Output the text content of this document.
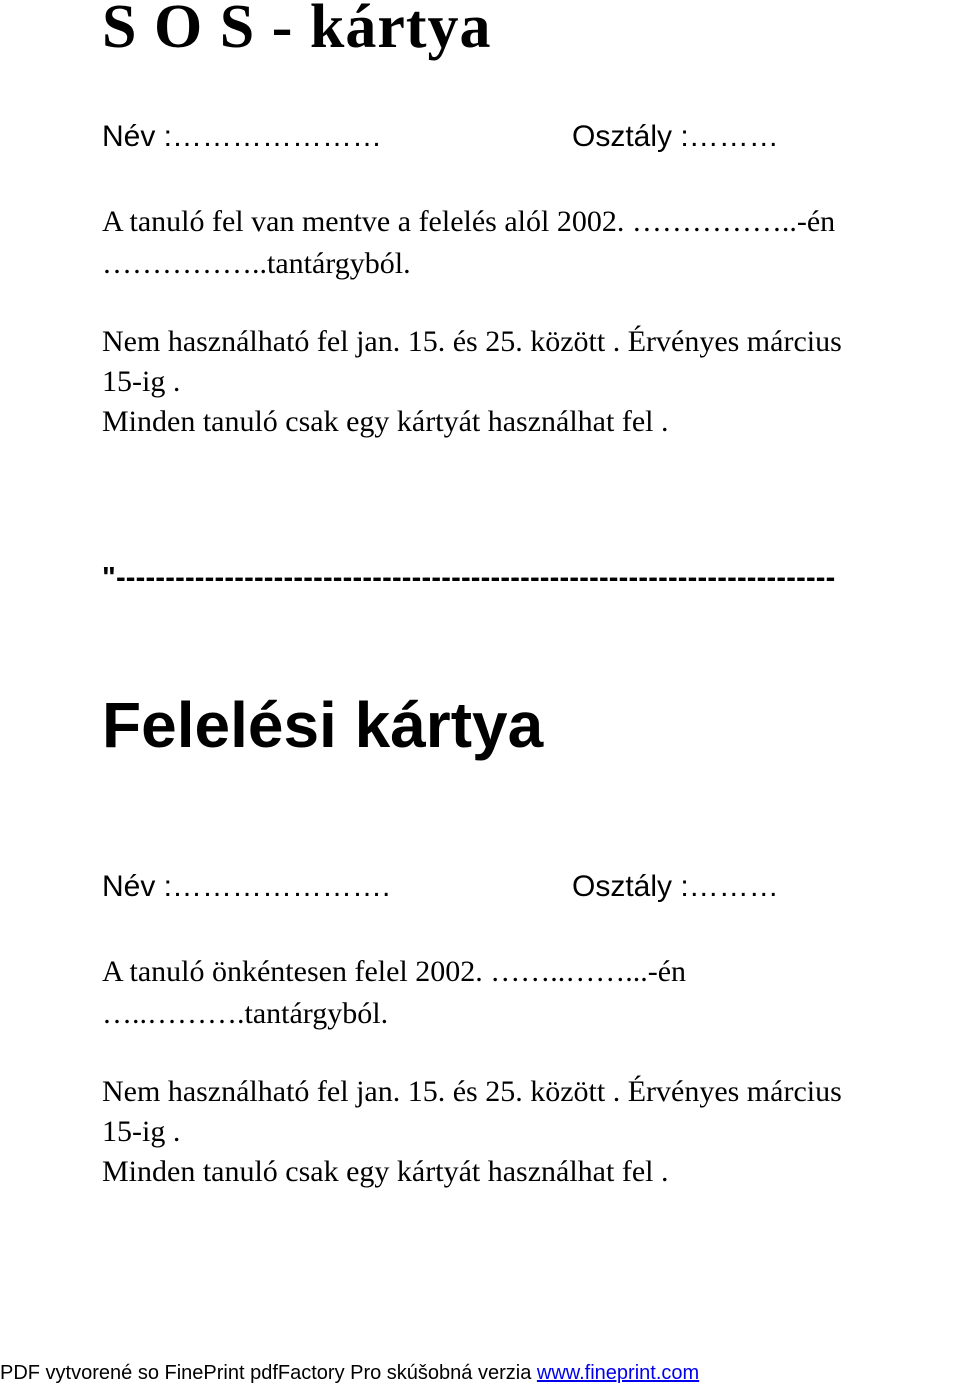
S O S - kártya
Név :…………………	Osztály :………
A tanuló fel van mentve a felelés alól 2002. ……………..-én
……………..tantárgyból.
Nem használható fel jan. 15. és 25. között . Érvényes március
15-ig .
Minden tanuló csak egy kártyát használhat fel .
"-------------------------------------------------------------------------
Felelési kártya
Név :………………….	Osztály :………
A tanuló önkéntesen felel 2002. ……..……...-én
…..……….tantárgyból.
Nem használható fel jan. 15. és 25. között . Érvényes március
15-ig .
Minden tanuló csak egy kártyát használhat fel .
PDF vytvorené so FinePrint pdfFactory Pro skúšobná verzia www.fineprint.com
